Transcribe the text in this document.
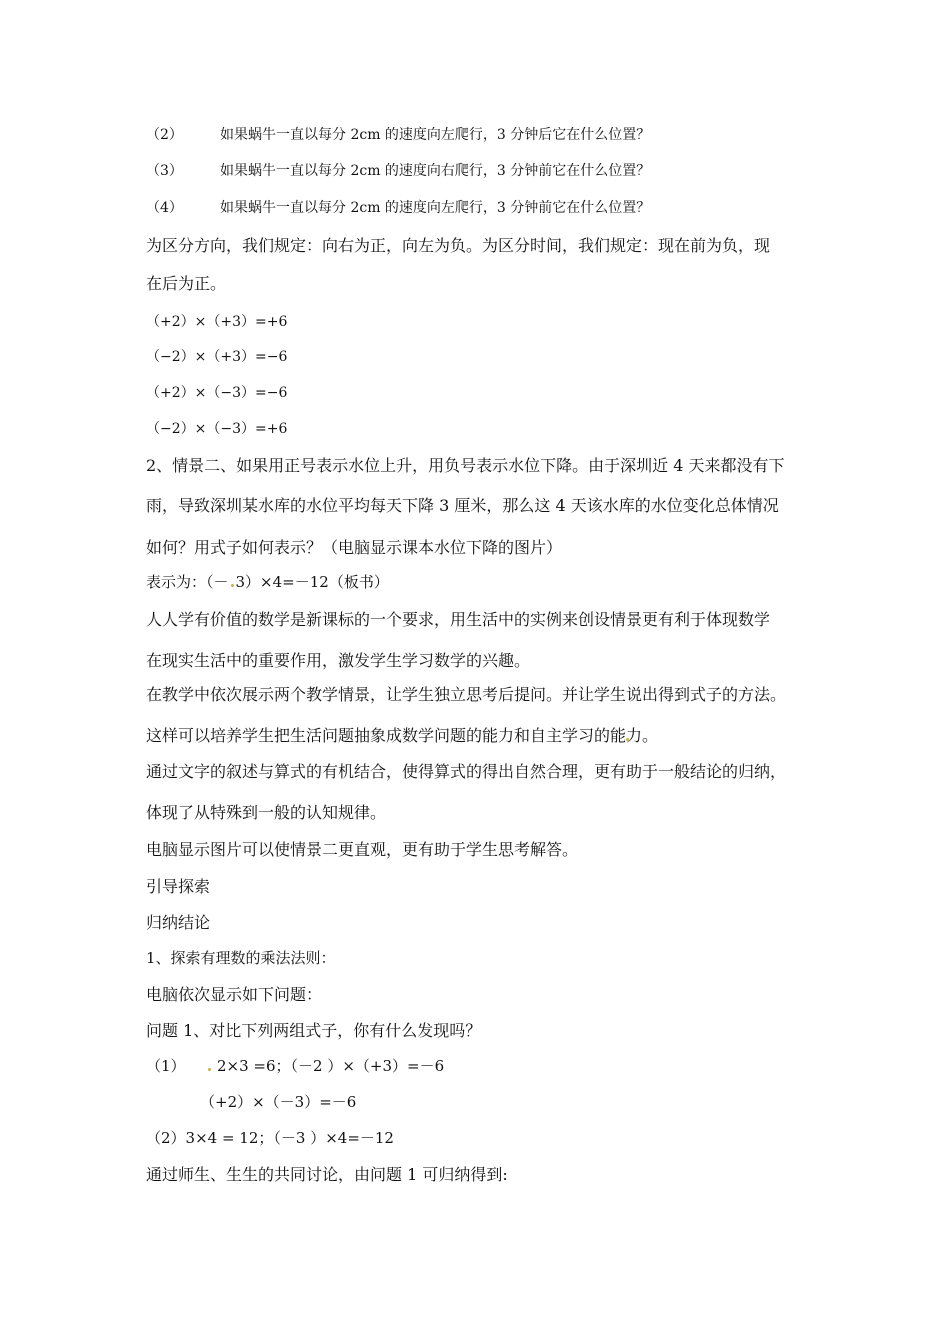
（2）	如果蜗牛一直以每分 2cm 的速度向左爬行，3 分钟后它在什么位置？
（3）	如果蜗牛一直以每分 2cm 的速度向右爬行，3 分钟前它在什么位置？
（4）	如果蜗牛一直以每分 2cm 的速度向左爬行，3 分钟前它在什么位置？
为区分方向，我们规定：向右为正，向左为负。为区分时间，我们规定：现在前为负，现
在后为正。
（+2）×（+3）=+6
（−2）×（+3）=−6
（+2）×（−3）=−6
（−2）×（−3）=+6
2、情景二、如果用正号表示水位上升，用负号表示水位下降。由于深圳近 4 天来都没有下
雨，导致深圳某水库的水位平均每天下降 3 厘米，那么这 4 天该水库的水位变化总体情况
如何？用式子如何表示？（电脑显示课本水位下降的图片）
表示为：（－ 3）×4=－12（板书）
人人学有价值的数学是新课标的一个要求，用生活中的实例来创设情景更有利于体现数学
在现实生活中的重要作用，激发学生学习数学的兴趣。
在教学中依次展示两个教学情景，让学生独立思考后提问。并让学生说出得到式子的方法。
这样可以培养学生把生活问题抽象成数学问题的能力和自主学习的能力。
通过文字的叙述与算式的有机结合，使得算式的得出自然合理，更有助于一般结论的归纳，
体现了从特殊到一般的认知规律。
电脑显示图片可以使情景二更直观，更有助于学生思考解答。
引导探索
归纳结论
1、探索有理数的乘法法则：
电脑依次显示如下问题：
问题 1、对比下列两组式子，你有什么发现吗？
（1） 2×3 =6；（－2 ）×（+3）=－6
（+2）×（－3）=－6
（2）3×4 = 12；（－3 ）×4=－12
通过师生、生生的共同讨论，由问题 1 可归纳得到:
